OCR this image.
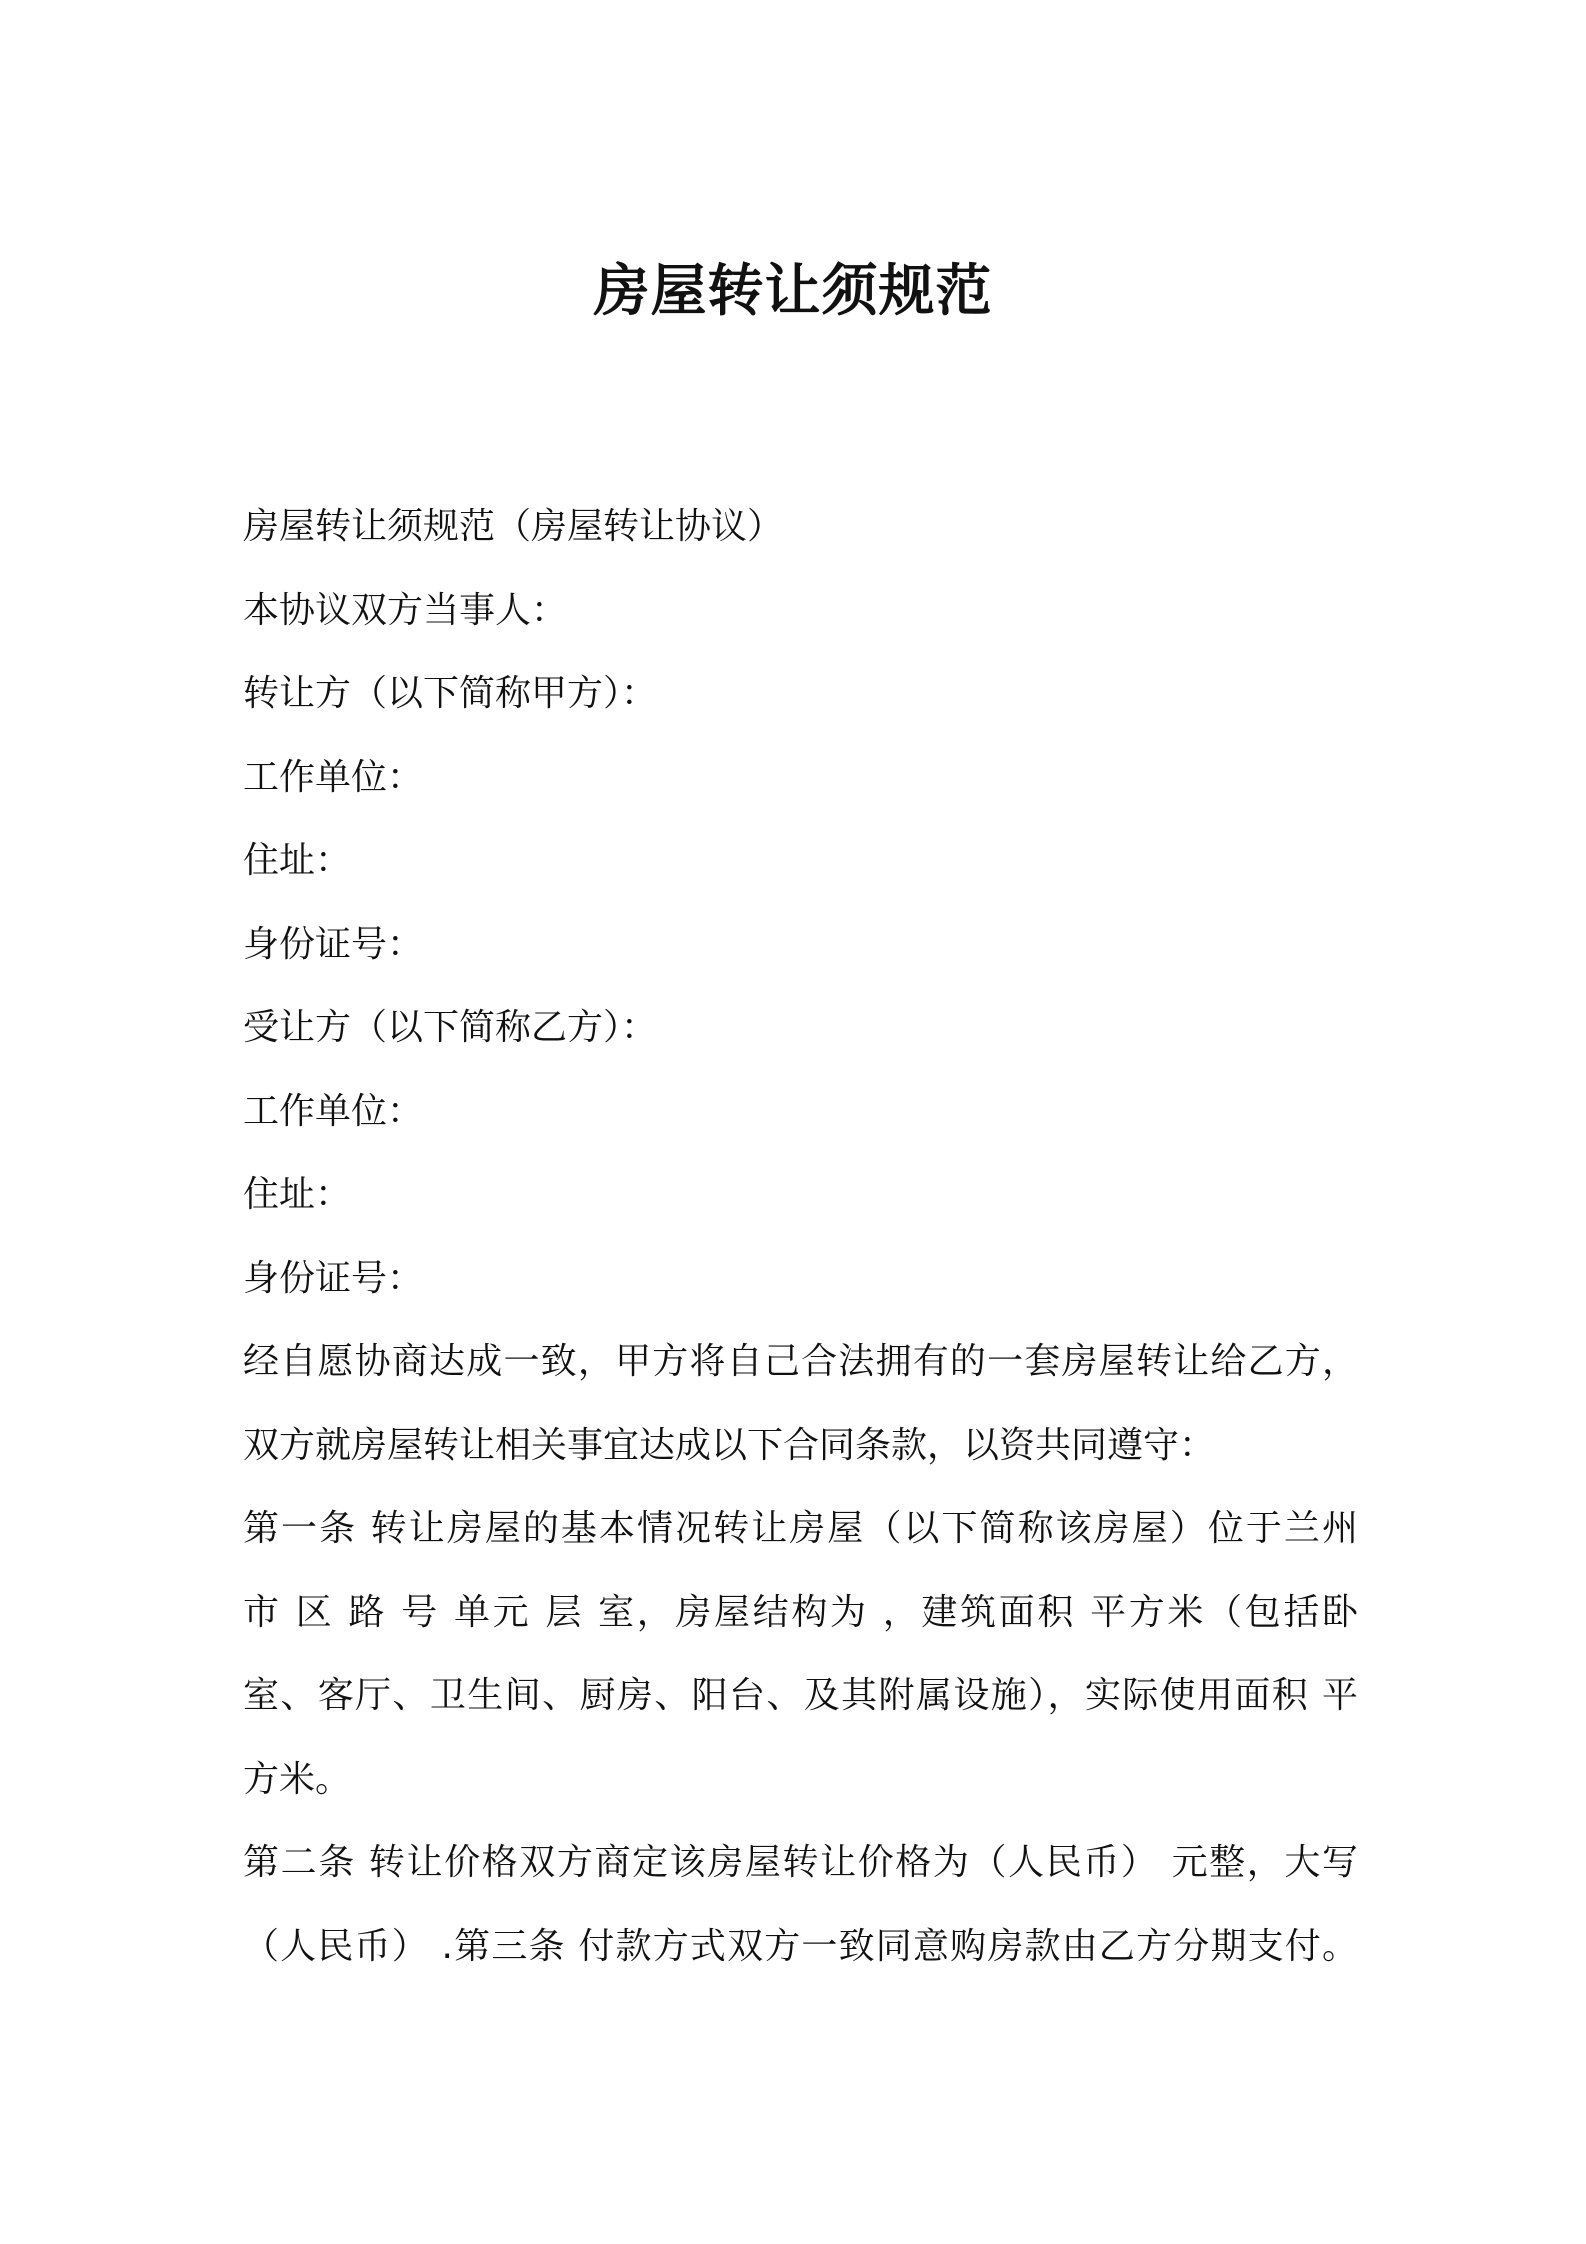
房屋转让须规范

房屋转让须规范（房屋转让协议）

本协议双方当事人：

转让方（以下简称甲方）：

工作单位：

住址：

身份证号：

受让方（以下简称乙方）：

工作单位：

住址：

身份证号：

经自愿协商达成一致，甲方将自己合法拥有的一套房屋转让给乙方，

双方就房屋转让相关事宜达成以下合同条款，以资共同遵守：

第一条 转让房屋的基本情况转让房屋（以下简称该房屋）位于兰州

市 区 路 号 单元 层 室，房屋结构为 ，建筑面积 平方米（包括卧

室、客厅、卫生间、厨房、阳台、及其附属设施），实际使用面积 平

方米。

第二条 转让价格双方商定该房屋转让价格为（人民币） 元整，大写

（人民币） .第三条 付款方式双方一致同意购房款由乙方分期支付。
